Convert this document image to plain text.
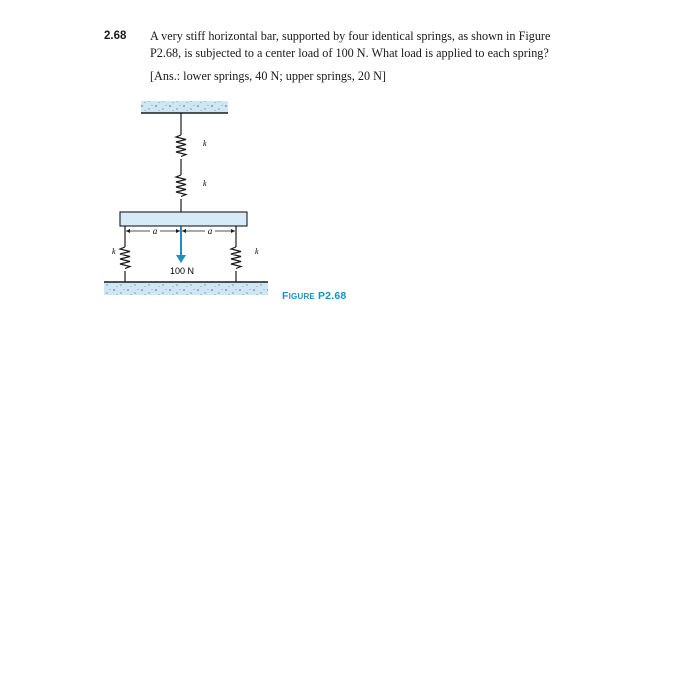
2.68 A very stiff horizontal bar, supported by four identical springs, as shown in Figure

P2.68, is subjected to a center load of 100 N. What load is applied to each spring?

[Ans.: lower springs, 40 N; upper springs, 20 N]

a	a
100 N
k
k
k	k
FIGURE P2.68
